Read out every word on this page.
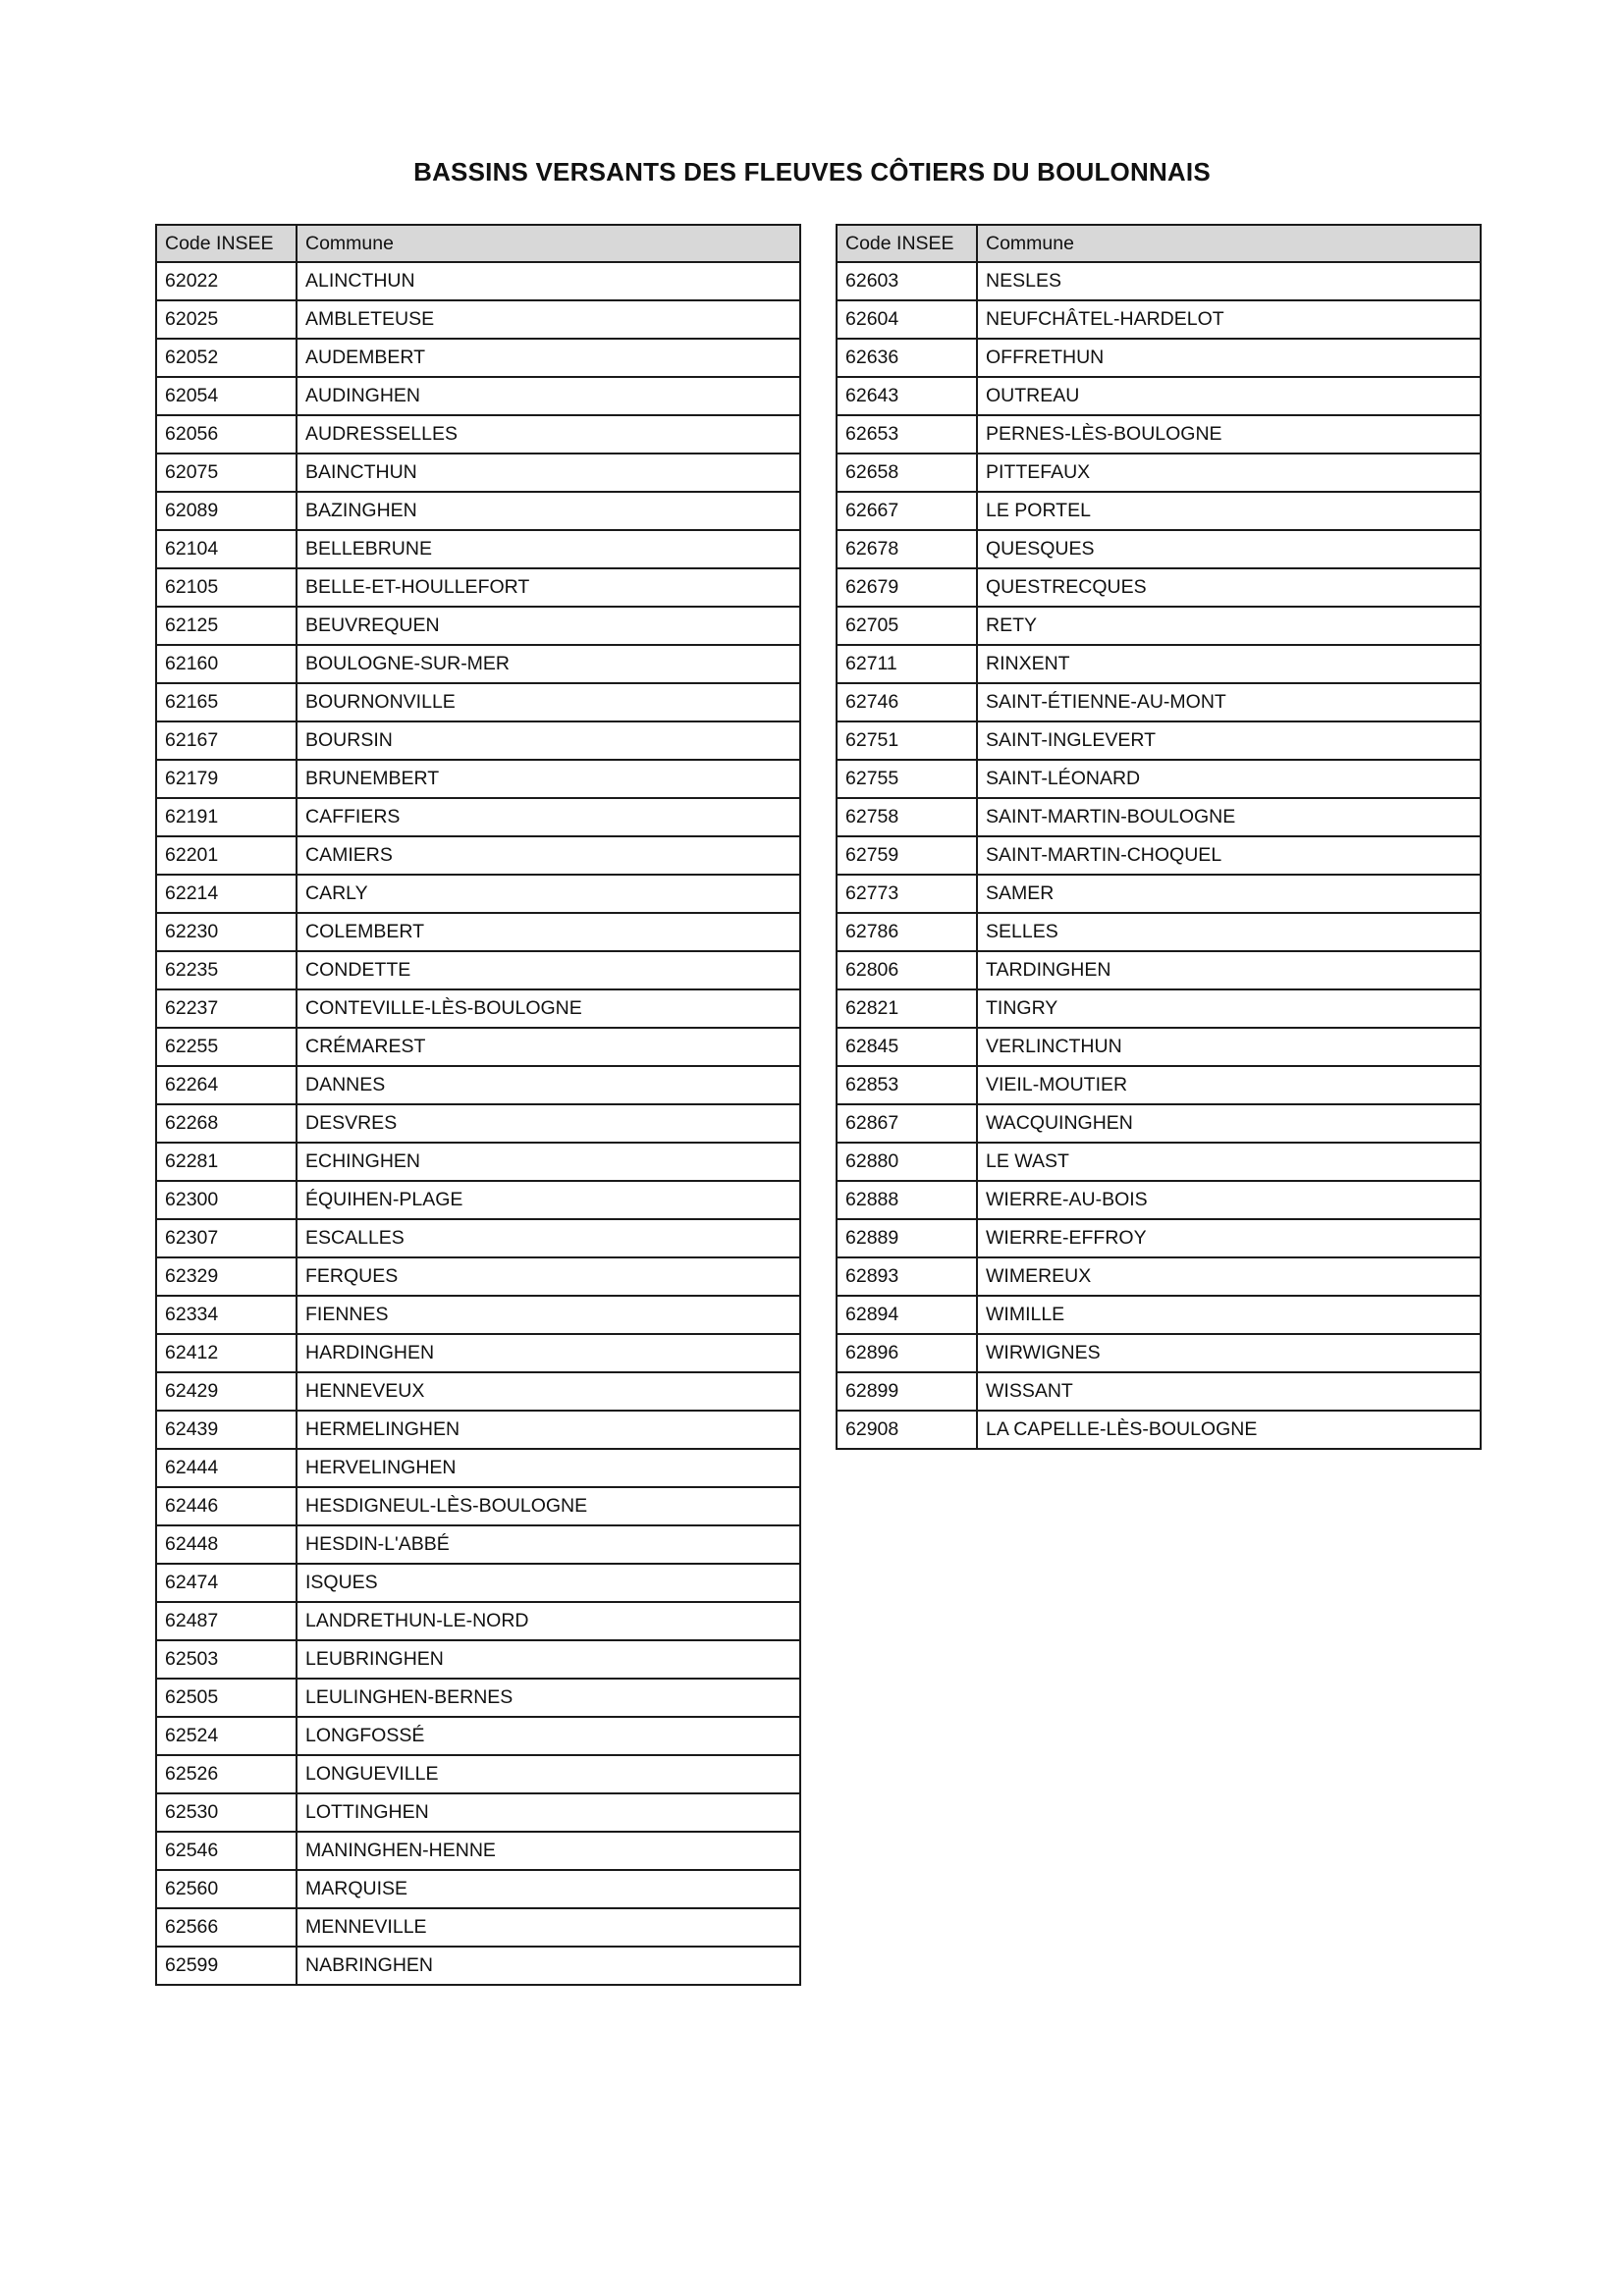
BASSINS VERSANTS DES FLEUVES CÔTIERS DU BOULONNAIS
Code INSEE	Commune
62022	ALINCTHUN
62025	AMBLETEUSE
62052	AUDEMBERT
62054	AUDINGHEN
62056	AUDRESSELLES
62075	BAINCTHUN
62089	BAZINGHEN
62104	BELLEBRUNE
62105	BELLE-ET-HOULLEFORT
62125	BEUVREQUEN
62160	BOULOGNE-SUR-MER
62165	BOURNONVILLE
62167	BOURSIN
62179	BRUNEMBERT
62191	CAFFIERS
62201	CAMIERS
62214	CARLY
62230	COLEMBERT
62235	CONDETTE
62237	CONTEVILLE-LÈS-BOULOGNE
62255	CRÉMAREST
62264	DANNES
62268	DESVRES
62281	ECHINGHEN
62300	ÉQUIHEN-PLAGE
62307	ESCALLES
62329	FERQUES
62334	FIENNES
62412	HARDINGHEN
62429	HENNEVEUX
62439	HERMELINGHEN
62444	HERVELINGHEN
62446	HESDIGNEUL-LÈS-BOULOGNE
62448	HESDIN-L'ABBÉ
62474	ISQUES
62487	LANDRETHUN-LE-NORD
62503	LEUBRINGHEN
62505	LEULINGHEN-BERNES
62524	LONGFOSSÉ
62526	LONGUEVILLE
62530	LOTTINGHEN
62546	MANINGHEN-HENNE
62560	MARQUISE
62566	MENNEVILLE
62599	NABRINGHEN
Code INSEE	Commune
62603	NESLES
62604	NEUFCHÂTEL-HARDELOT
62636	OFFRETHUN
62643	OUTREAU
62653	PERNES-LÈS-BOULOGNE
62658	PITTEFAUX
62667	LE PORTEL
62678	QUESQUES
62679	QUESTRECQUES
62705	RETY
62711	RINXENT
62746	SAINT-ÉTIENNE-AU-MONT
62751	SAINT-INGLEVERT
62755	SAINT-LÉONARD
62758	SAINT-MARTIN-BOULOGNE
62759	SAINT-MARTIN-CHOQUEL
62773	SAMER
62786	SELLES
62806	TARDINGHEN
62821	TINGRY
62845	VERLINCTHUN
62853	VIEIL-MOUTIER
62867	WACQUINGHEN
62880	LE WAST
62888	WIERRE-AU-BOIS
62889	WIERRE-EFFROY
62893	WIMEREUX
62894	WIMILLE
62896	WIRWIGNES
62899	WISSANT
62908	LA CAPELLE-LÈS-BOULOGNE
